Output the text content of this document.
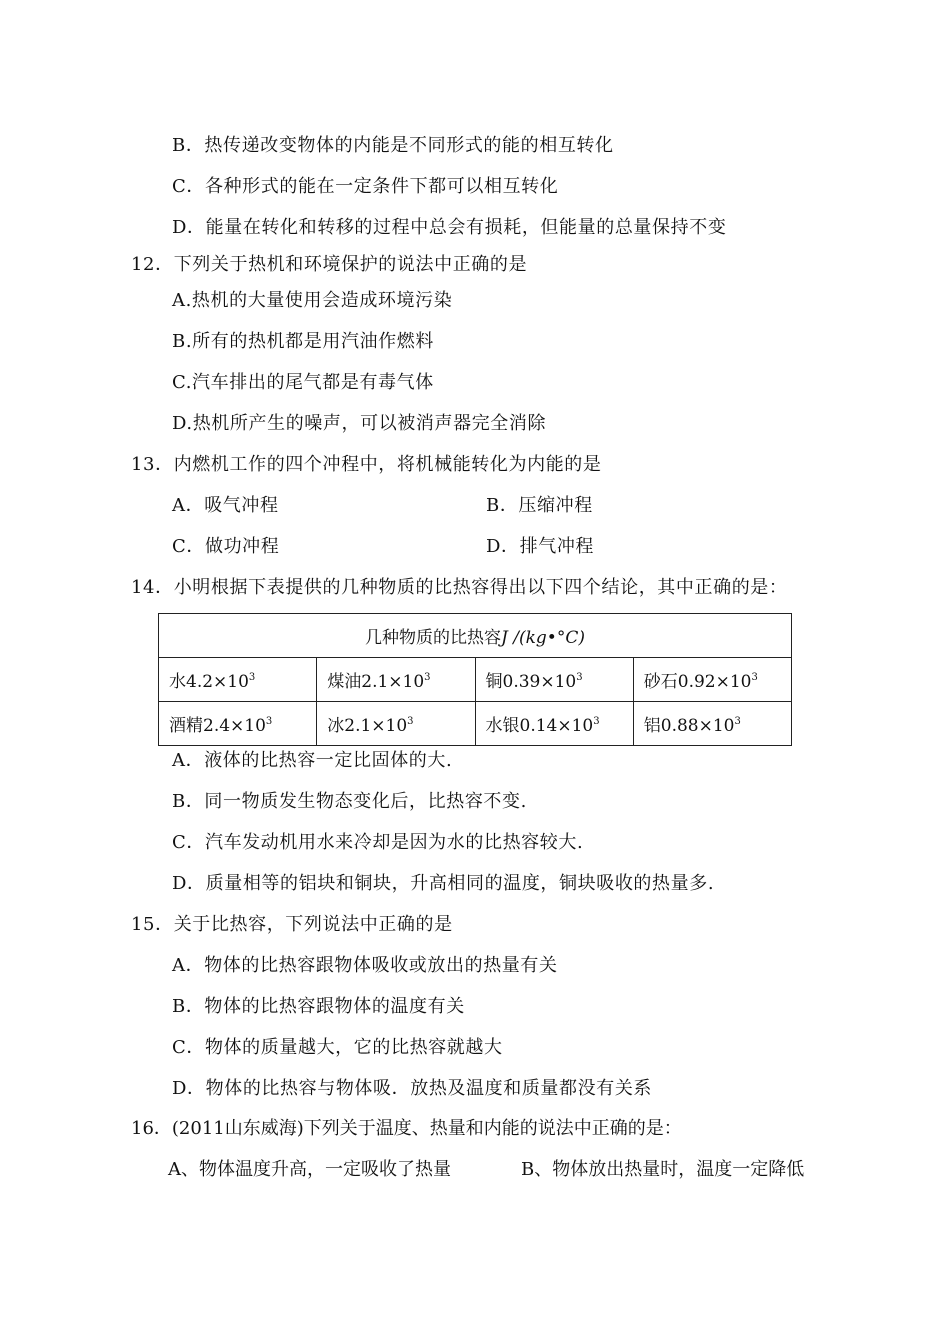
B．热传递改变物体的内能是不同形式的能的相互转化
C．各种形式的能在一定条件下都可以相互转化
D．能量在转化和转移的过程中总会有损耗，但能量的总量保持不变
12．下列关于热机和环境保护的说法中正确的是
A.热机的大量使用会造成环境污染
B.所有的热机都是用汽油作燃料
C.汽车排出的尾气都是有毒气体
D.热机所产生的噪声，可以被消声器完全消除
13．内燃机工作的四个冲程中，将机械能转化为内能的是
A．吸气冲程	B．压缩冲程
C．做功冲程	D．排气冲程
14．小明根据下表提供的几种物质的比热容得出以下四个结论，其中正确的是：
几种物质的比热容J /(kg•°C)			
水$4.2\times 10^3$	煤油$2.1\times 10^3$	铜$0.39\times 10^3$	砂石$0.92\times 10^3$
酒精$2.4\times 10^3$	冰$2.1\times 10^3$	水银$0.14\times 10^3$	铝$0.88\times 10^3$
A．液体的比热容一定比固体的大.
B．同一物质发生物态变化后，比热容不变.
C．汽车发动机用水来冷却是因为水的比热容较大.
D．质量相等的铝块和铜块，升高相同的温度，铜块吸收的热量多.
15．关于比热容，下列说法中正确的是
A．物体的比热容跟物体吸收或放出的热量有关
B．物体的比热容跟物体的温度有关
C．物体的质量越大，它的比热容就越大
D．物体的比热容与物体吸．放热及温度和质量都没有关系
16．(2011山东威海)下列关于温度、热量和内能的说法中正确的是：
A、物体温度升高，一定吸收了热量	B、物体放出热量时，温度一定降低
